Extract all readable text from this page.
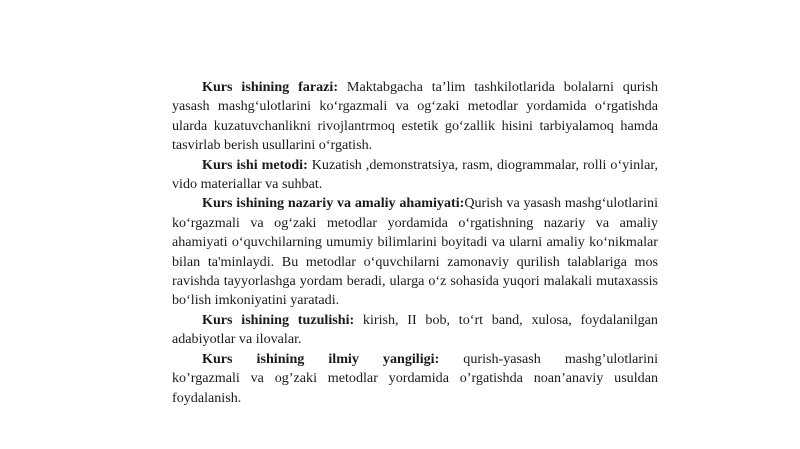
Kurs ishining farazi: Maktabgacha taʼlim tashkilotlarida bolalarni qurish yasash mashgʻulotlarini koʻrgazmali va ogʻzaki metodlar yordamida oʻrgatishda ularda kuzatuvchanlikni rivojlantrmoq estetik goʻzallik hisini tarbiyalamoq hamda tasvirlab berish usullarini oʻrgatish.

Kurs ishi metodi: Kuzatish ,demonstratsiya, rasm, diogrammalar, rolli oʻyinlar, vido materiallar va suhbat.

Kurs ishining nazariy va amaliy ahamiyati:Qurish va yasash mashgʻulotlarini koʻrgazmali va ogʻzaki metodlar yordamida oʻrgatishning nazariy va amaliy ahamiyati oʻquvchilarning umumiy bilimlarini boyitadi va ularni amaliy koʻnikmalar bilan ta'minlaydi. Bu metodlar oʻquvchilarni zamonaviy qurilish talablariga mos ravishda tayyorlashga yordam beradi, ularga oʻz sohasida yuqori malakali mutaxassis boʻlish imkoniyatini yaratadi.

Kurs ishining tuzulishi: kirish, II bob, toʻrt band, xulosa, foydalanilgan adabiyotlar va ilovalar.

Kurs ishining ilmiy yangiligi: qurish-yasash mashg’ulotlarini

ko’rgazmali va og’zaki metodlar yordamida o’rgatishda noan’anaviy usuldan foydalanish.
